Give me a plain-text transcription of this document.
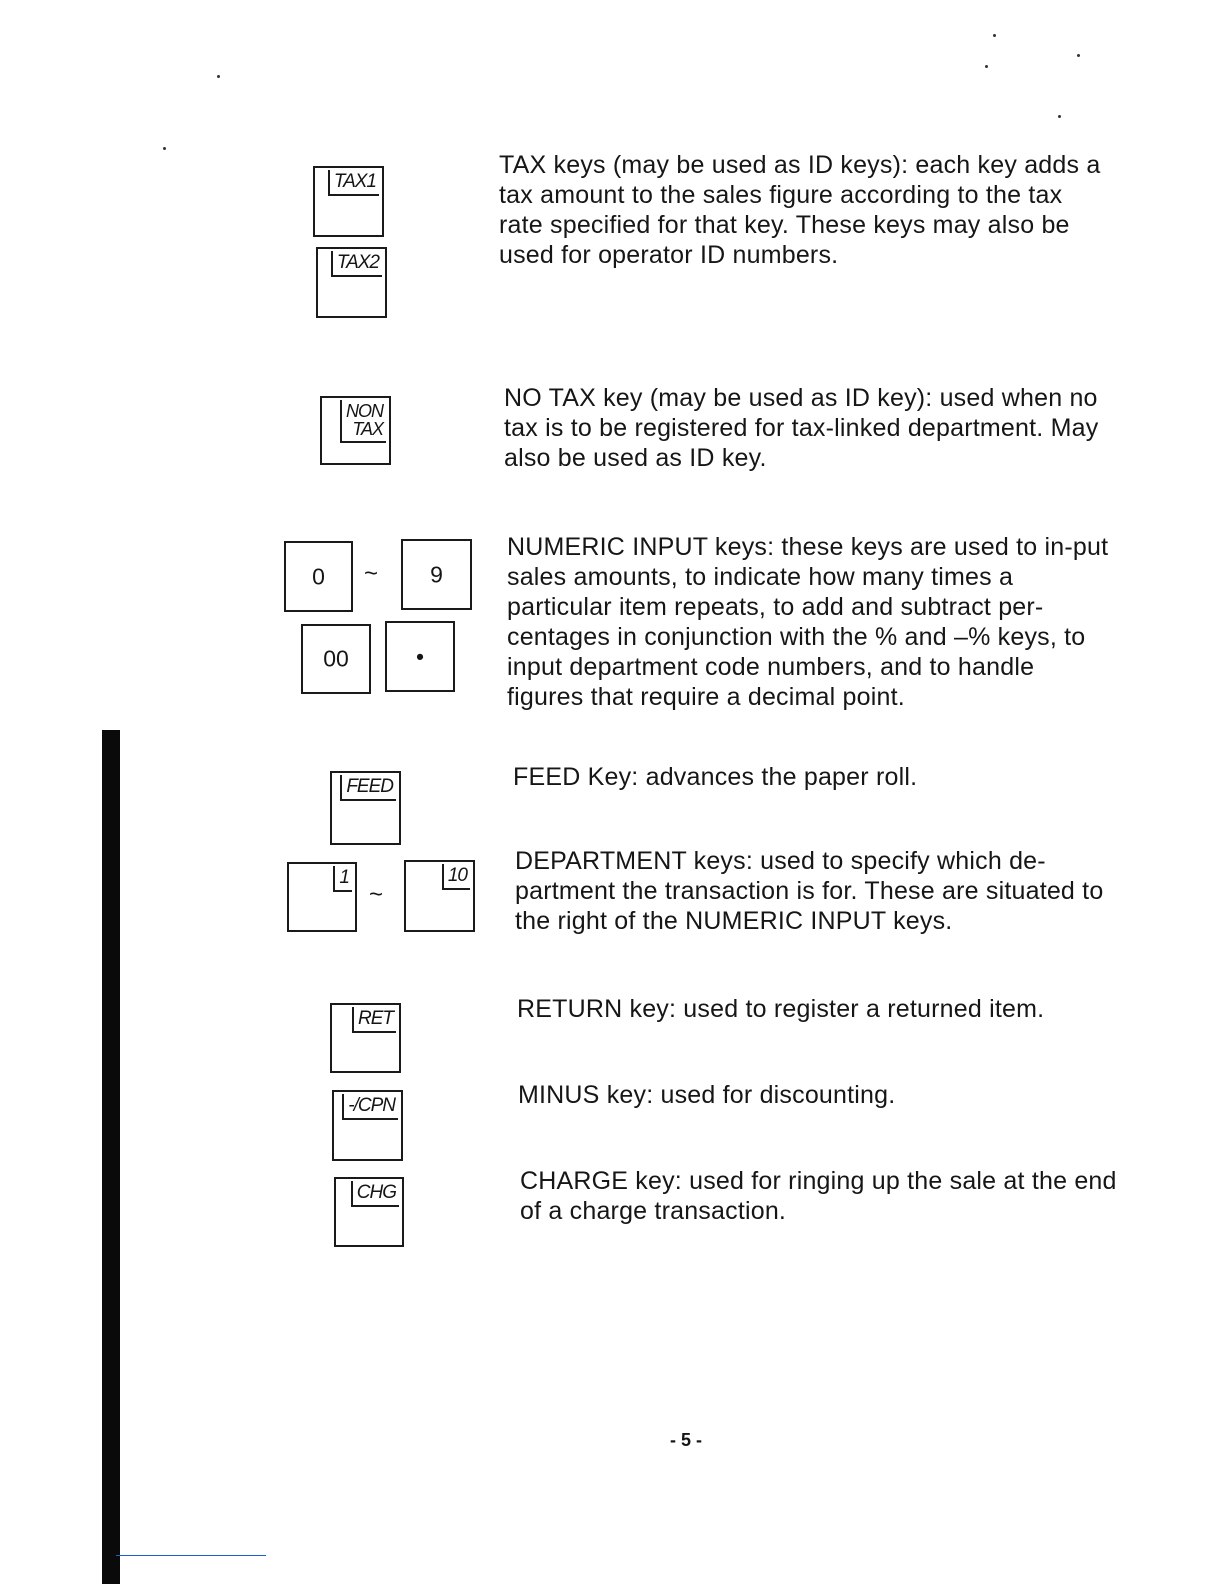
TAX1
TAX2
TAX keys (may be used as ID keys): each key adds a tax amount to the sales figure according to the tax rate specified for that key. These keys may also be used for operator ID numbers.
NON
TAX
NO TAX key (may be used as ID key): used when no tax is to be registered for tax-linked department. May also be used as ID key.
0	~	9
00	•
NUMERIC INPUT keys: these keys are used to in-put sales amounts, to indicate how many times a particular item repeats, to add and subtract per-centages in conjunction with the % and –% keys, to input department code numbers, and to handle figures that require a decimal point.
FEED	FEED Key: advances the paper roll.
1
~
10
DEPARTMENT keys: used to specify which de-partment the transaction is for. These are situated to the right of the NUMERIC INPUT keys.
RET	RETURN key: used to register a returned item.
-/CPN	MINUS key: used for discounting.
CHG	CHARGE key: used for ringing up the sale at the end of a charge transaction.
- 5 -
